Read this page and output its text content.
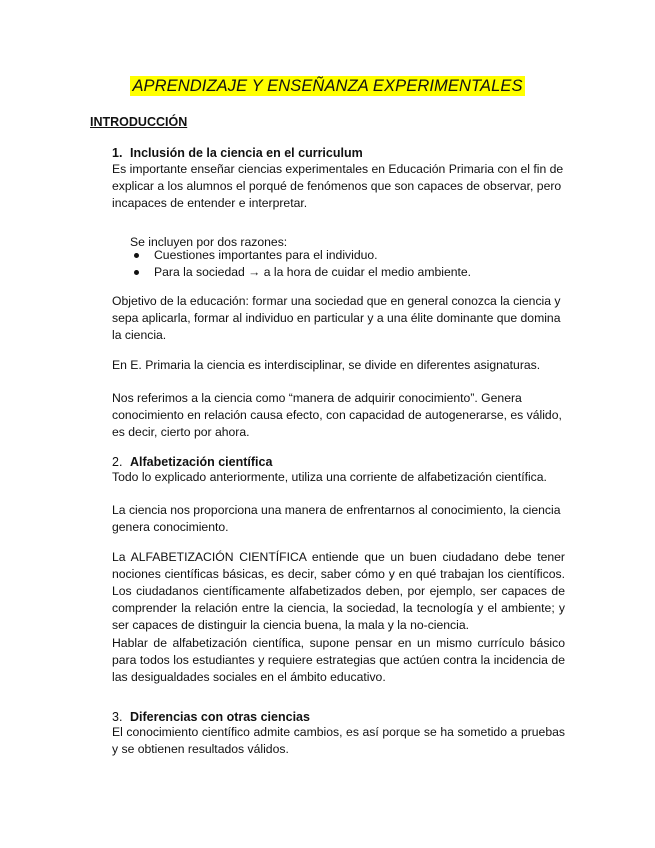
APRENDIZAJE Y ENSEÑANZA EXPERIMENTALES
INTRODUCCIÓN
1. Inclusión de la ciencia en el curriculum

Es importante enseñar ciencias experimentales en Educación Primaria con el fin de explicar a los alumnos el porqué de fenómenos que son capaces de observar, pero incapaces de entender e interpretar.

Se incluyen por dos razones:
Cuestiones importantes para el individuo.
Para la sociedad → a la hora de cuidar el medio ambiente.

Objetivo de la educación: formar una sociedad que en general conozca la ciencia y sepa aplicarla, formar al individuo en particular y a una élite dominante que domina la ciencia.

En E. Primaria la ciencia es interdisciplinar, se divide en diferentes asignaturas.

Nos referimos a la ciencia como “manera de adquirir conocimiento”. Genera conocimiento en relación causa efecto, con capacidad de autogenerarse, es válido, es decir, cierto por ahora.

2. Alfabetización científica

Todo lo explicado anteriormente, utiliza una corriente de alfabetización científica.

La ciencia nos proporciona una manera de enfrentarnos al conocimiento, la ciencia genera conocimiento.

La ALFABETIZACIÓN CIENTÍFICA entiende que un buen ciudadano debe tener nociones científicas básicas, es decir, saber cómo y en qué trabajan los científicos. Los ciudadanos científicamente alfabetizados deben, por ejemplo, ser capaces de comprender la relación entre la ciencia, la sociedad, la tecnología y el ambiente; y ser capaces de distinguir la ciencia buena, la mala y la no-ciencia.

Hablar de alfabetización científica, supone pensar en un mismo currículo básico para todos los estudiantes y requiere estrategias que actúen contra la incidencia de las desigualdades sociales en el ámbito educativo.

3. Diferencias con otras ciencias

El conocimiento científico admite cambios, es así porque se ha sometido a pruebas y se obtienen resultados válidos.
